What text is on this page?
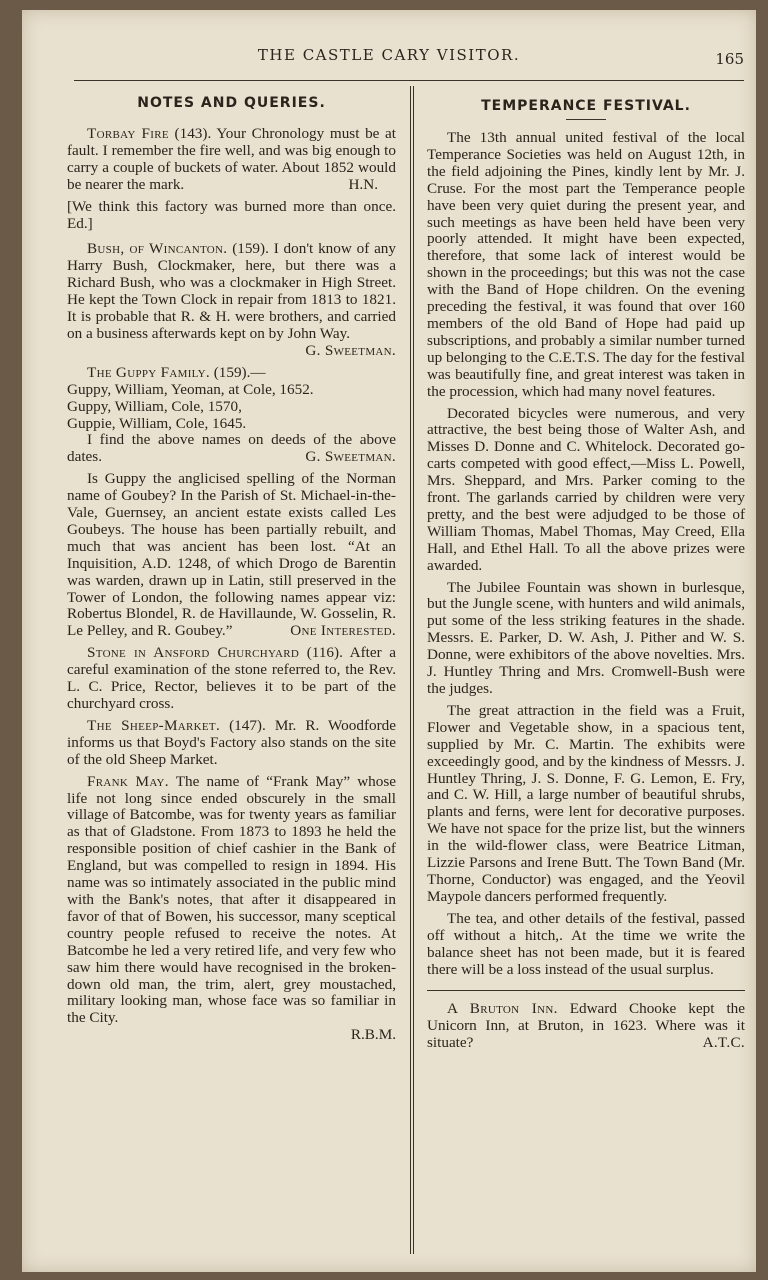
THE CASTLE CARY VISITOR.	165
NOTES AND QUERIES.

Torbay Fire (143). Your Chronology must be at fault. I remember the fire well, and was big enough to carry a couple of buckets of water. About 1852 would be nearer the mark.	H.N.

[We think this factory was burned more than once. Ed.]

Bush, of Wincanton. (159). I don't know of any Harry Bush, Clockmaker, here, but there was a Richard Bush, who was a clockmaker in High Street. He kept the Town Clock in repair from 1813 to 1821. It is probable that R. & H. were brothers, and carried on a business afterwards kept on by John Way.
G. Sweetman.

The Guppy Family. (159).—

Guppy, William, Yeoman, at Cole, 1652.

Guppy, William, Cole, 1570,

Guppie, William, Cole, 1645.

I find the above names on deeds of the above dates.	G. Sweetman.

Is Guppy the anglicised spelling of the Norman name of Goubey? In the Parish of St. Michael-in-the-Vale, Guernsey, an ancient estate exists called Les Goubeys. The house has been partially rebuilt, and much that was ancient has been lost. “At an Inquisition, A.D. 1248, of which Drogo de Barentin was warden, drawn up in Latin, still preserved in the Tower of London, the following names appear viz: Robertus Blondel, R. de Havillaunde, W. Gosselin, R. Le Pelley, and R. Goubey.”	One Interested.

Stone in Ansford Churchyard (116). After a careful examination of the stone referred to, the Rev. L. C. Price, Rector, believes it to be part of the churchyard cross.

The Sheep-Market. (147). Mr. R. Woodforde informs us that Boyd's Factory also stands on the site of the old Sheep Market.

Frank May. The name of “Frank May” whose life not long since ended obscurely in the small village of Batcombe, was for twenty years as familiar as that of Gladstone. From 1873 to 1893 he held the responsible position of chief cashier in the Bank of England, but was compelled to resign in 1894. His name was so intimately associated in the public mind with the Bank's notes, that after it disappeared in favor of that of Bowen, his successor, many sceptical country people refused to receive the notes. At Batcombe he led a very retired life, and very few who saw him there would have recognised in the broken-down old man, the trim, alert, grey moustached, military looking man, whose face was so familiar in the City.
R.B.M.

TEMPERANCE FESTIVAL.

The 13th annual united festival of the local Temperance Societies was held on August 12th, in the field adjoining the Pines, kindly lent by Mr. J. Cruse. For the most part the Temperance people have been very quiet during the present year, and such meetings as have been held have been very poorly attended. It might have been expected, therefore, that some lack of interest would be shown in the proceedings; but this was not the case with the Band of Hope children. On the evening preceding the festival, it was found that over 160 members of the old Band of Hope had paid up subscriptions, and probably a similar number turned up belonging to the C.E.T.S. The day for the festival was beautifully fine, and great interest was taken in the procession, which had many novel features.

Decorated bicycles were numerous, and very attractive, the best being those of Walter Ash, and Misses D. Donne and C. Whitelock. Decorated go-carts competed with good effect,—Miss L. Powell, Mrs. Sheppard, and Mrs. Parker coming to the front. The garlands carried by children were very pretty, and the best were adjudged to be those of William Thomas, Mabel Thomas, May Creed, Ella Hall, and Ethel Hall. To all the above prizes were awarded.

The Jubilee Fountain was shown in burlesque, but the Jungle scene, with hunters and wild animals, put some of the less striking features in the shade. Messrs. E. Parker, D. W. Ash, J. Pither and W. S. Donne, were exhibitors of the above novelties. Mrs. J. Huntley Thring and Mrs. Cromwell-Bush were the judges.

The great attraction in the field was a Fruit, Flower and Vegetable show, in a spacious tent, supplied by Mr. C. Martin. The exhibits were exceedingly good, and by the kindness of Messrs. J. Huntley Thring, J. S. Donne, F. G. Lemon, E. Fry, and C. W. Hill, a large number of beautiful shrubs, plants and ferns, were lent for decorative purposes. We have not space for the prize list, but the winners in the wild-flower class, were Beatrice Litman, Lizzie Parsons and Irene Butt. The Town Band (Mr. Thorne, Conductor) was engaged, and the Yeovil Maypole dancers performed frequently.

The tea, and other details of the festival, passed off without a hitch,. At the time we write the balance sheet has not been made, but it is feared there will be a loss instead of the usual surplus.

A Bruton Inn. Edward Chooke kept the Unicorn Inn, at Bruton, in 1623. Where was it situate?	A.T.C.
